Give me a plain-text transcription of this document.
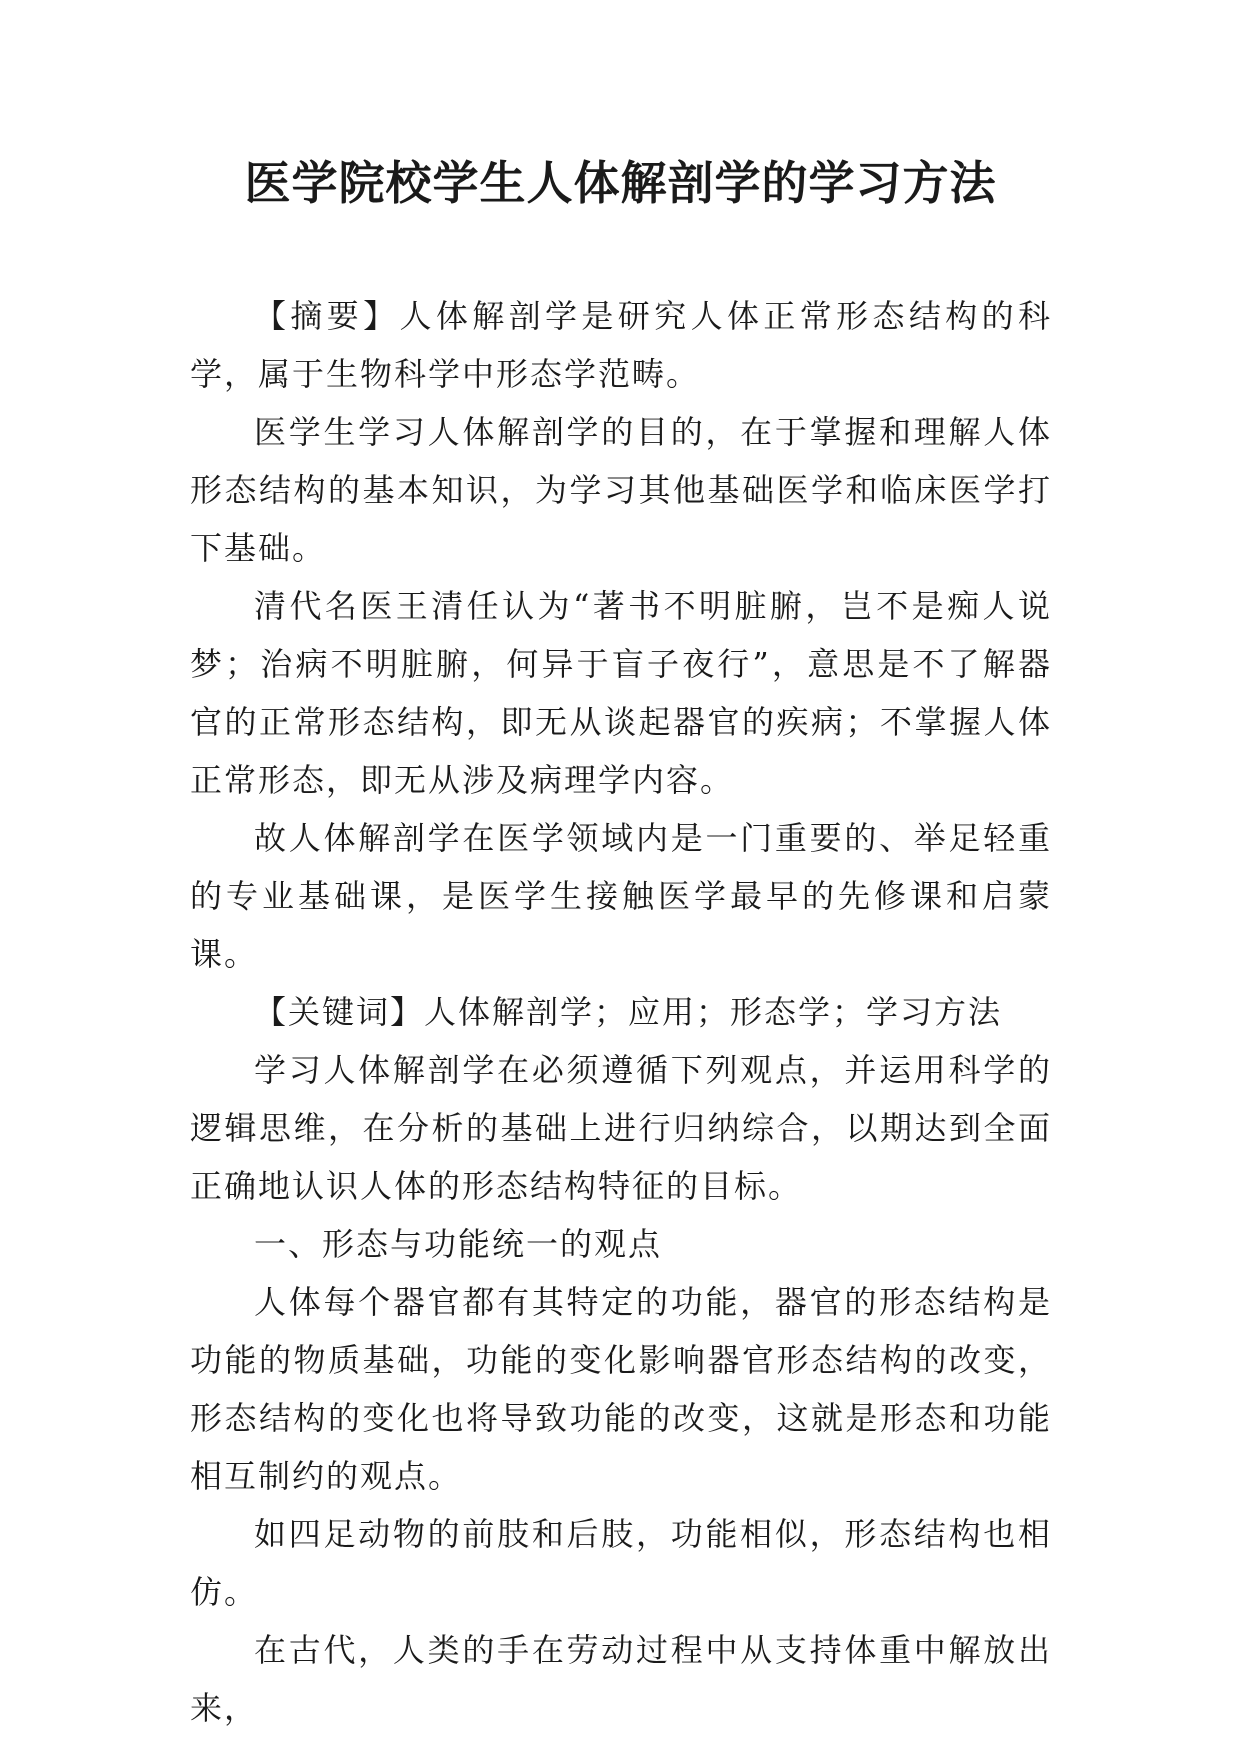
医学院校学生人体解剖学的学习方法

【摘要】人体解剖学是研究人体正常形态结构的科学，属于生物科学中形态学范畴。

医学生学习人体解剖学的目的，在于掌握和理解人体形态结构的基本知识，为学习其他基础医学和临床医学打下基础。

清代名医王清任认为“著书不明脏腑，岂不是痴人说梦；治病不明脏腑，何异于盲子夜行”，意思是不了解器官的正常形态结构，即无从谈起器官的疾病；不掌握人体正常形态，即无从涉及病理学内容。

故人体解剖学在医学领域内是一门重要的、举足轻重的专业基础课，是医学生接触医学最早的先修课和启蒙课。

【关键词】人体解剖学；应用；形态学；学习方法

学习人体解剖学在必须遵循下列观点，并运用科学的逻辑思维，在分析的基础上进行归纳综合，以期达到全面正确地认识人体的形态结构特征的目标。

一、形态与功能统一的观点

人体每个器官都有其特定的功能，器官的形态结构是功能的物质基础，功能的变化影响器官形态结构的改变，形态结构的变化也将导致功能的改变，这就是形态和功能相互制约的观点。

如四足动物的前肢和后肢，功能相似，形态结构也相仿。

在古代，人类的手在劳动过程中从支持体重中解放出来，
